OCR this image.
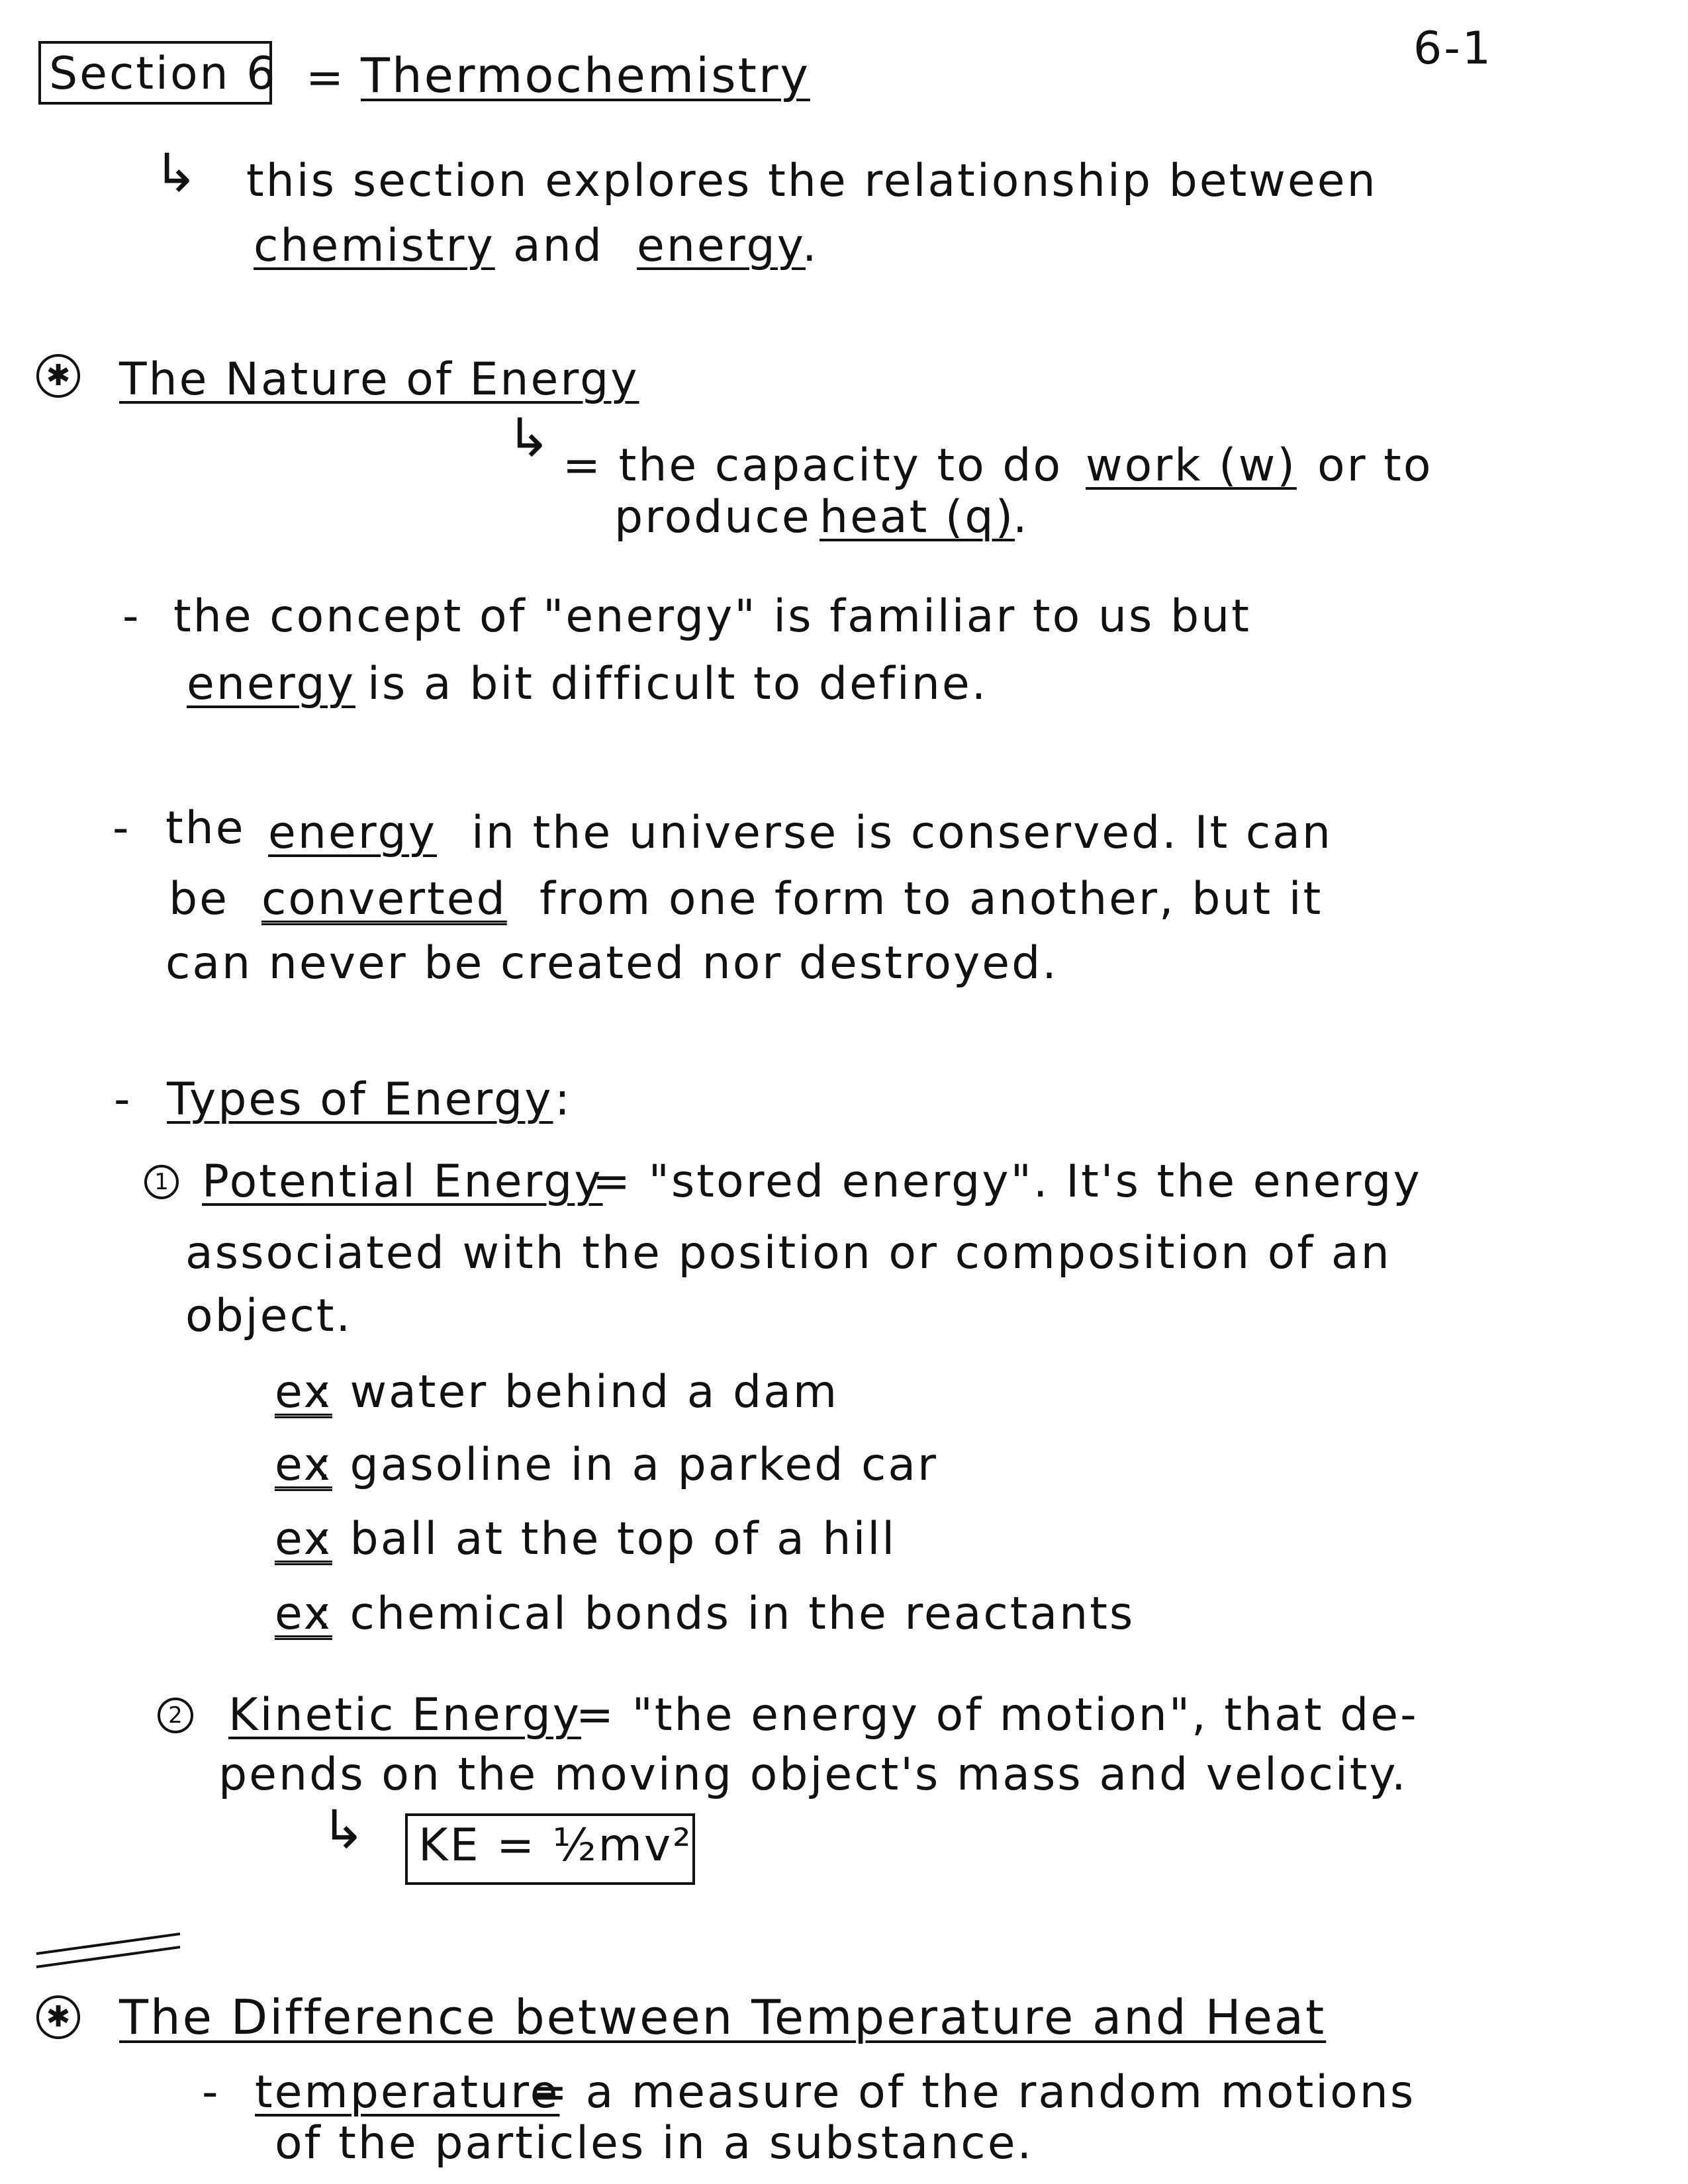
6-1
Section 6 = Thermochemistry
↳ this section explores the relationship between
chemistry and energy
.
✱ The Nature of Energy
↳ = the capacity to do work (w) or to
produce heat (q)
.
- the concept of "energy" is familiar to us but
energy is a bit difficult to define.
- the energy in the universe is conserved. It can
be converted from one form to another, but it
can never be created nor destroyed.
- Types of Energy :
1 Potential Energy
= "stored energy". It's the energy
associated with the position or composition of an
object.
ex
: water behind a dam
ex
: gasoline in a parked car
ex
: ball at the top of a hill
ex
: chemical bonds in the reactants
2 Kinetic Energy
= "the energy of motion", that de-
pends on the moving object's mass and velocity.
↳ KE = ½mv²
✱ The Difference between Temperature and Heat
- temperature
= a measure of the random motions
of the particles in a substance.
